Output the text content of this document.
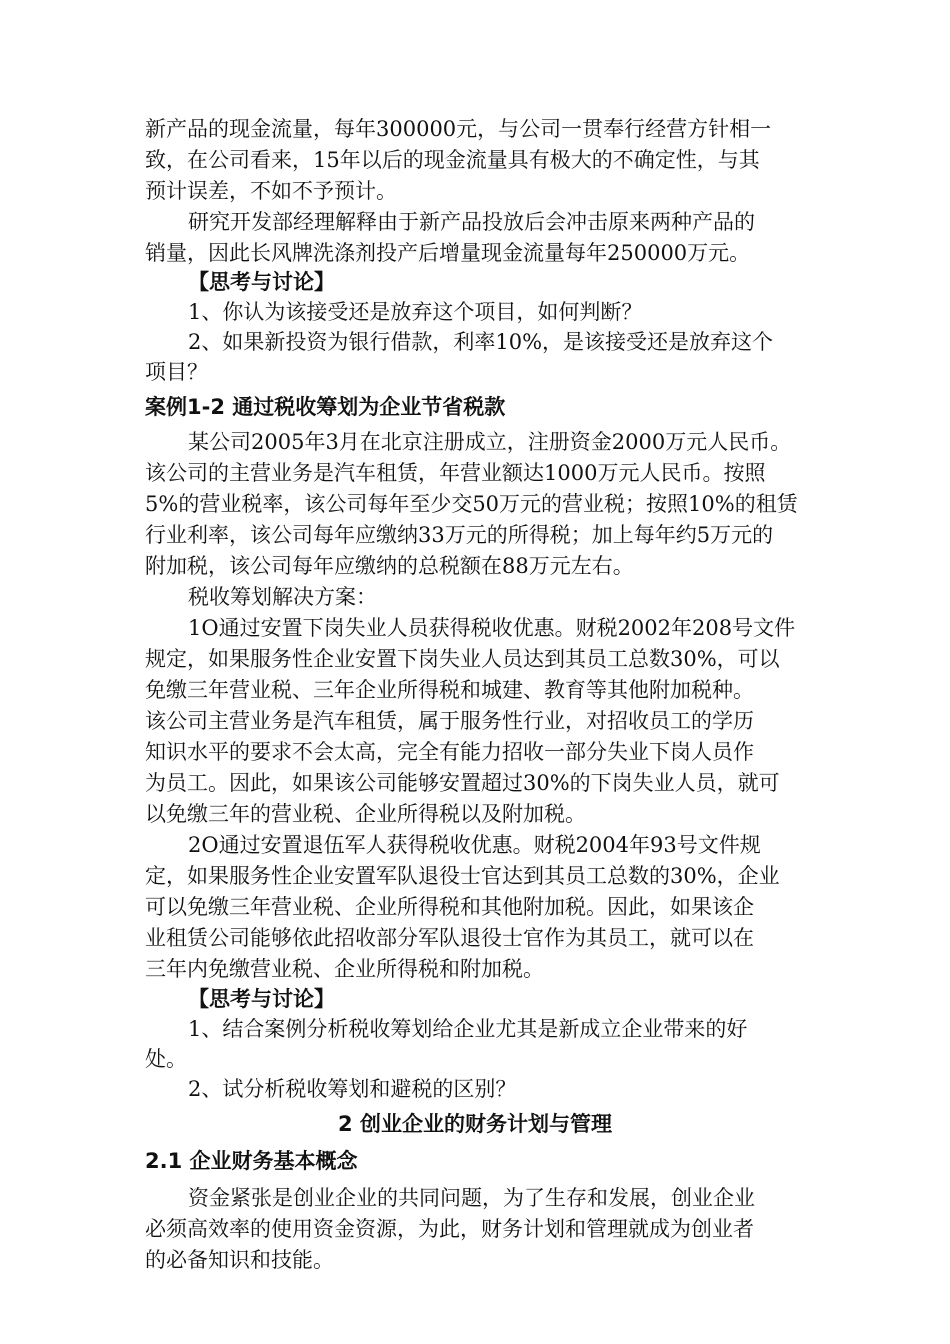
新产品的现金流量，每年300000元，与公司一贯奉行经营方针相一
致，在公司看来，15年以后的现金流量具有极大的不确定性，与其
预计误差，不如不予预计。
研究开发部经理解释由于新产品投放后会冲击原来两种产品的
销量，因此长风牌洗涤剂投产后增量现金流量每年250000万元。
【思考与讨论】
1、你认为该接受还是放弃这个项目，如何判断？
2、如果新投资为银行借款，利率10%，是该接受还是放弃这个
项目？
案例1-2 通过税收筹划为企业节省税款
某公司2005年3月在北京注册成立，注册资金2000万元人民币。
该公司的主营业务是汽车租赁，年营业额达1000万元人民币。按照
5%的营业税率，该公司每年至少交50万元的营业税；按照10%的租赁
行业利率，该公司每年应缴纳33万元的所得税；加上每年约5万元的
附加税，该公司每年应缴纳的总税额在88万元左右。
税收筹划解决方案：
1O通过安置下岗失业人员获得税收优惠。财税2002年208号文件
规定，如果服务性企业安置下岗失业人员达到其员工总数30%，可以
免缴三年营业税、三年企业所得税和城建、教育等其他附加税种。
该公司主营业务是汽车租赁，属于服务性行业，对招收员工的学历
知识水平的要求不会太高，完全有能力招收一部分失业下岗人员作
为员工。因此，如果该公司能够安置超过30%的下岗失业人员，就可
以免缴三年的营业税、企业所得税以及附加税。
2O通过安置退伍军人获得税收优惠。财税2004年93号文件规
定，如果服务性企业安置军队退役士官达到其员工总数的30%，企业
可以免缴三年营业税、企业所得税和其他附加税。因此，如果该企
业租赁公司能够依此招收部分军队退役士官作为其员工，就可以在
三年内免缴营业税、企业所得税和附加税。
【思考与讨论】
1、结合案例分析税收筹划给企业尤其是新成立企业带来的好
处。
2、试分析税收筹划和避税的区别？
2 创业企业的财务计划与管理
2.1 企业财务基本概念
资金紧张是创业企业的共同问题，为了生存和发展，创业企业
必须高效率的使用资金资源，为此，财务计划和管理就成为创业者
的必备知识和技能。
